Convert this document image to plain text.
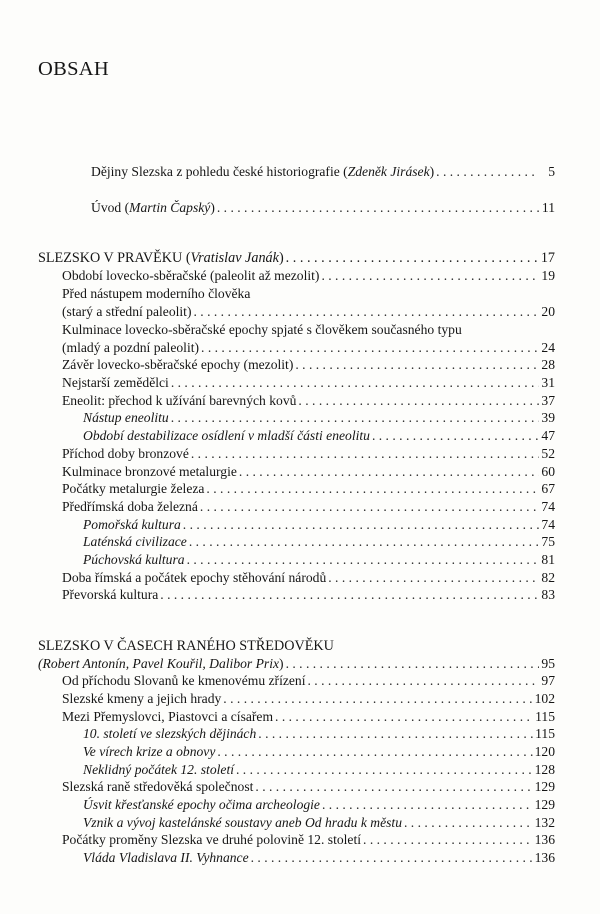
OBSAH
Dějiny Slezska z pohledu české historiografie (Zdeněk Jirásek) . . .	5
Úvod (Martin Čapský) . . .	11
SLEZSKO V PRAVĚKU (Vratislav Janák) . . .	17
Období lovecko-sběračské (paleolit až mezolit) . . .	19
Před nástupem moderního člověka
(starý a střední paleolit) . . .	20
Kulminace lovecko-sběračské epochy spjaté s člověkem současného typu
(mladý a pozdní paleolit) . . .	24
Závěr lovecko-sběračské epochy (mezolit) . . .	28
Nejstarší zemědělci . . .	31
Eneolit: přechod k užívání barevných kovů . . .	37
Nástup eneolitu . . .	39
Období destabilizace osídlení v mladší části eneolitu . . .	47
Příchod doby bronzové . . .	52
Kulminace bronzové metalurgie . . .	60
Počátky metalurgie železa . . .	67
Předřímská doba železná . . .	74
Pomořská kultura . . .	74
Laténská civilizace . . .	75
Púchovská kultura . . .	81
Doba římská a počátek epochy stěhování národů . . .	82
Převorská kultura . . .	83
SLEZSKO V ČASECH RANÉHO STŘEDOVĚKU
(Robert Antonín, Pavel Kouřil, Dalibor Prix) . . .	95
Od příchodu Slovanů ke kmenovému zřízení . . .	97
Slezské kmeny a jejich hrady . . .	102
Mezi Přemyslovci, Piastovci a císařem . . .	115
10. století ve slezských dějinách . . .	115
Ve vírech krize a obnovy . . .	120
Neklidný počátek 12. století . . .	128
Slezská raně středověká společnost . . .	129
Úsvit křesťanské epochy očima archeologie . . .	129
Vznik a vývoj kastelánské soustavy aneb Od hradu k městu . . .	132
Počátky proměny Slezska ve druhé polovině 12. století . . .	136
Vláda Vladislava II. Vyhnance . . .	136
